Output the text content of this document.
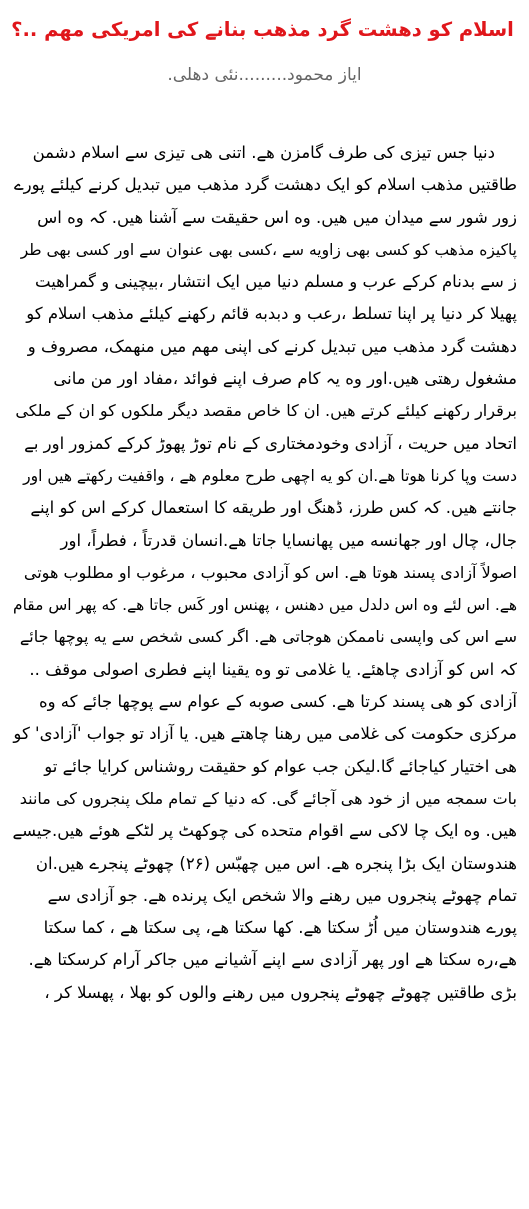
اسلام کو دهشت گرد مذهب بنانے کی امریکی مهم ..؟
ایاز محمود.........نئی دهلی.
دنیا جس تیزی کی طرف گامزن هے. اتنی هی تیزی سے اسلام دشمن
طاقتیں مذهب اسلام کو ایک دهشت گرد مذهب میں تبدیل کرنے کیلئے پورے
زور شور سے میدان میں هیں. وه اس حقیقت سے آشنا هیں. کہ وه اس
پاکیزه مذهب کو کسی بهی زاویه سے ،کسی بهی عنوان سے اور کسی بهی طر
ز سے بدنام کرکے عرب و مسلم دنیا میں ایک انتشار ،بیچینی و گمراهیت
پهیلا کر دنیا پر اپنا تسلط ،رعب و دبدبه قائم رکهنے کیلئے مذهب اسلام کو
دهشت گرد مذهب میں تبدیل کرنے کی اپنی مهم میں منهمک، مصروف و
مشغول رهتی هیں.اور وه یہ کام صرف اپنے فوائد ،مفاد اور من مانی
برقرار رکهنے کیلئے کرتے هیں. ان کا خاص مقصد دیگر ملکوں کو ان کے ملکی
اتحاد میں حریت ، آزادی وخودمختاری کے نام توڑ پهوڑ کرکے کمزور اور بے
دست وپا کرنا هوتا هے.ان کو یه اچهی طرح معلوم هے ، واقفیت رکهتے هیں اور
جانتے هیں. کہ کس طرز، ڈهنگ اور طریقه کا استعمال کرکے اس کو اپنے
جال، چال اور جهانسه میں پهانسایا جاتا هے.انسان قدرتاً ، فطراً، اور
اصولاً آزادی پسند هوتا هے. اس کو آزادی محبوب ، مرغوب او مطلوب هوتی
هے. اس لئے وه اس دلدل میں دهنس ، پهنس اور کَس جاتا هے. که پهر اس مقام
سے اس کی واپسی ناممکن هوجاتی هے. اگر کسی شخص سے یه پوچها جائے
کہ اس کو آزادی چاهئے. یا غلامی تو وه یقینا اپنے فطری اصولی موقف ..
آزادی کو هی پسند کرتا هے. کسی صوبه کے عوام سے پوچها جائے که وه
مرکزی حکومت کی غلامی میں رهنا چاهتے هیں. یا آزاد تو جواب 'آزادی' کو
هی اختیار کیاجائے گا.لیکن جب عوام کو حقیقت روشناس کرایا جائے تو
بات سمجه میں از خود هی آجائے گی. که دنیا کے تمام ملک پنجروں کی مانند
هیں. وه ایک چا لاکی سے اقوام متحده کی چوکهٹ پر لٹکے هوئے هیں.جیسے
هندوستان ایک بڑا پنجره هے. اس میں چهبّس (۲۶) چهوٹے پنجرے هیں.ان
تمام چهوٹے پنجروں میں رهنے والا شخص ایک پرنده هے. جو آزادی سے
پورے هندوستان میں اُڑ سکتا هے. کها سکتا هے، پی سکتا هے ، کما سکتا
هے،ره سکتا هے اور پهر آزادی سے اپنے آشیانے میں جاکر آرام کرسکتا هے.
بڑی طاقتیں چهوٹے چهوٹے پنجروں میں رهنے والوں کو بهلا ، پهسلا کر ،
